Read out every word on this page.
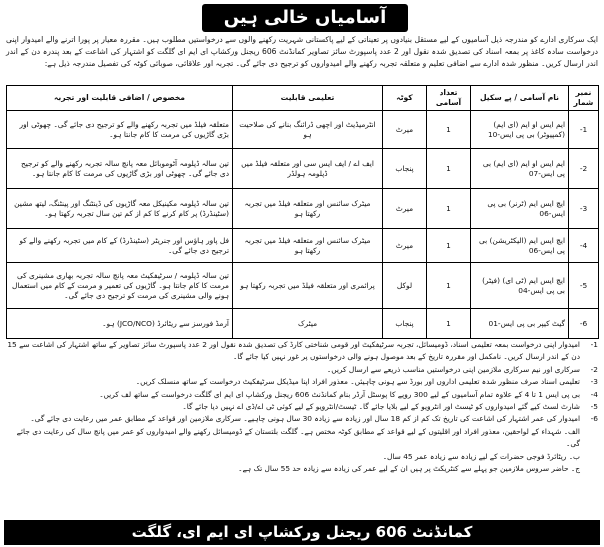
آسامیاں خالی ہیں
ایک سرکاری ادارے کو مندرجہ ذیل آسامیوں کے لیے مستقل بنیادوں پر تعیناتی کے لیے پاکستانی شہریت رکھنے والوں سے درخواستیں مطلوب ہیں۔ مقررہ معیار پر پورا اترنے والے امیدوار اپنی درخواست سادہ کاغذ پر بمعہ اسناد کی تصدیق شدہ نقول اور 2 عدد پاسپورٹ سائز تصاویر کمانڈنٹ 606 ریجنل ورکشاپ ای ایم ای گلگت کو اشتہار کی اشاعت کے بعد پندرہ دن کے اندر اندر ارسال کریں۔ منظور شدہ ادارے سے اضافی تعلیم و متعلقہ تجربہ رکھنے والے امیدواروں کو ترجیح دی جائے گی۔ تجربہ اور علاقائی، صوبائی کوٹہ کی تفصیل مندرجہ ذیل ہے:
نمبر شمار	نام آسامی / پے سکیل	تعداد آسامی	کوٹہ	تعلیمی قابلیت	مخصوص / اضافی قابلیت اور تجربہ
1-	ایم ایس او ایم (ای ایم) (کمپیوٹر) بی پی ایس-10	1	میرٹ	انٹرمیڈیٹ اور اچھی ڈرائنگ بنانے کی صلاحیت ہو	متعلقہ فیلڈ میں تجربہ رکھنے والے کو ترجیح دی جائے گی۔ چھوٹی اور بڑی گاڑیوں کی مرمت کا کام جانتا ہو۔
2-	ایم ایس او ایم (ای ایم) بی پی ایس-07	1	پنجاب	ایف اے / ایف ایس سی اور متعلقہ فیلڈ میں ڈپلومہ ہولڈر	تین سالہ ڈپلومہ آٹوموبائل معہ پانچ سالہ تجربہ رکھنے والے کو ترجیح دی جائے گی۔ چھوٹی اور بڑی گاڑیوں کی مرمت کا کام جانتا ہو۔
3-	ایچ ایس ایم (ٹرنر) بی پی ایس-06	1	میرٹ	میٹرک سائنس اور متعلقہ فیلڈ میں تجربہ رکھتا ہو	تین سالہ ڈپلومہ مکینیکل معہ گاڑیوں کی ڈینٹنگ اور پینٹنگ، لیتھ مشین (سٹینڈرڈ) پر کام کرنے کا کم از کم تین سال تجربہ رکھتا ہو۔
4-	ایچ ایس ایم (الیکٹریشن) بی پی ایس-06	1	میرٹ	میٹرک سائنس اور متعلقہ فیلڈ میں تجربہ رکھتا ہو	فل پاور ہاؤس اور جنریٹر (سٹینڈرڈ) کے کام میں تجربہ رکھنے والے کو ترجیح دی جائے گی۔
5-	ایچ ایس ایم (ٹی ای) (فیٹر) بی پی ایس-04	1	لوکل	پرائمری اور متعلقہ فیلڈ میں تجربہ رکھتا ہو	تین سالہ ڈپلومہ / سرٹیفکیٹ معہ پانچ سالہ تجربہ بھاری مشینری کی مرمت کا کام جانتا ہو۔ گاڑیوں کی تعمیر و مرمت کے کام میں استعمال ہونے والی مشینری کی مرمت کو ترجیح دی جائے گی۔
6-	گیٹ کیپر بی پی ایس-01	1	پنجاب	میٹرک	آرمڈ فورسز سے ریٹائرڈ (JCO/NCO) ہو۔
1-
امیدوار اپنی درخواست بمعہ تعلیمی اسناد، ڈومیسائل، تجربہ سرٹیفکیٹ اور قومی شناختی کارڈ کی تصدیق شدہ نقول اور 2 عدد پاسپورٹ سائز تصاویر کے ساتھ اشتہار کی اشاعت سے 15 دن کے اندر ارسال کریں۔ نامکمل اور مقررہ تاریخ کے بعد موصول ہونے والی درخواستوں پر غور نہیں کیا جائے گا۔
2-
سرکاری اور نیم سرکاری ملازمین اپنی درخواستیں مناسب ذریعے سے ارسال کریں۔
3-
تعلیمی اسناد صرف منظور شدہ تعلیمی اداروں اور بورڈ سے ہونی چاہیئں۔ معذور افراد اپنا میڈیکل سرٹیفکیٹ درخواست کے ساتھ منسلک کریں۔
4-
بی پی ایس 1 تا 4 کے علاوہ تمام آسامیوں کے لیے 300 روپے کا پوسٹل آرڈر بنام کمانڈنٹ 606 ریجنل ورکشاپ ای ایم ای گلگت درخواست کے ساتھ لف کریں۔
5-
شارٹ لسٹ کیے گئے امیدواروں کو ٹیسٹ اور انٹرویو کے لیے بلایا جائے گا۔ ٹیسٹ/انٹرویو کے لیے کوئی ٹی اے/ڈی اے نہیں دیا جائے گا۔
6-
امیدوار کی عمر اشتہار کی اشاعت کی تاریخ تک کم از کم 18 سال اور زیادہ سے زیادہ 30 سال ہونی چاہیے۔ سرکاری ملازمین اور قواعد کے مطابق عمر میں رعایت دی جائے گی۔
الف۔ شہداء کے لواحقین، معذور افراد اور اقلیتوں کے لیے قواعد کے مطابق کوٹہ مختص ہے۔ گلگت بلتستان کے ڈومیسائل رکھنے والے امیدواروں کو عمر میں پانچ سال کی رعایت دی جائے گی۔
ب۔ ریٹائرڈ فوجی حضرات کے لیے زیادہ سے زیادہ عمر 45 سال۔
ج۔ حاضر سروس ملازمین جو پہلے سے کنٹریکٹ پر ہیں ان کے لیے عمر کی زیادہ سے زیادہ حد 55 سال تک ہے۔
کمانڈنٹ 606 ریجنل ورکشاپ ای ایم ای، گلگت
